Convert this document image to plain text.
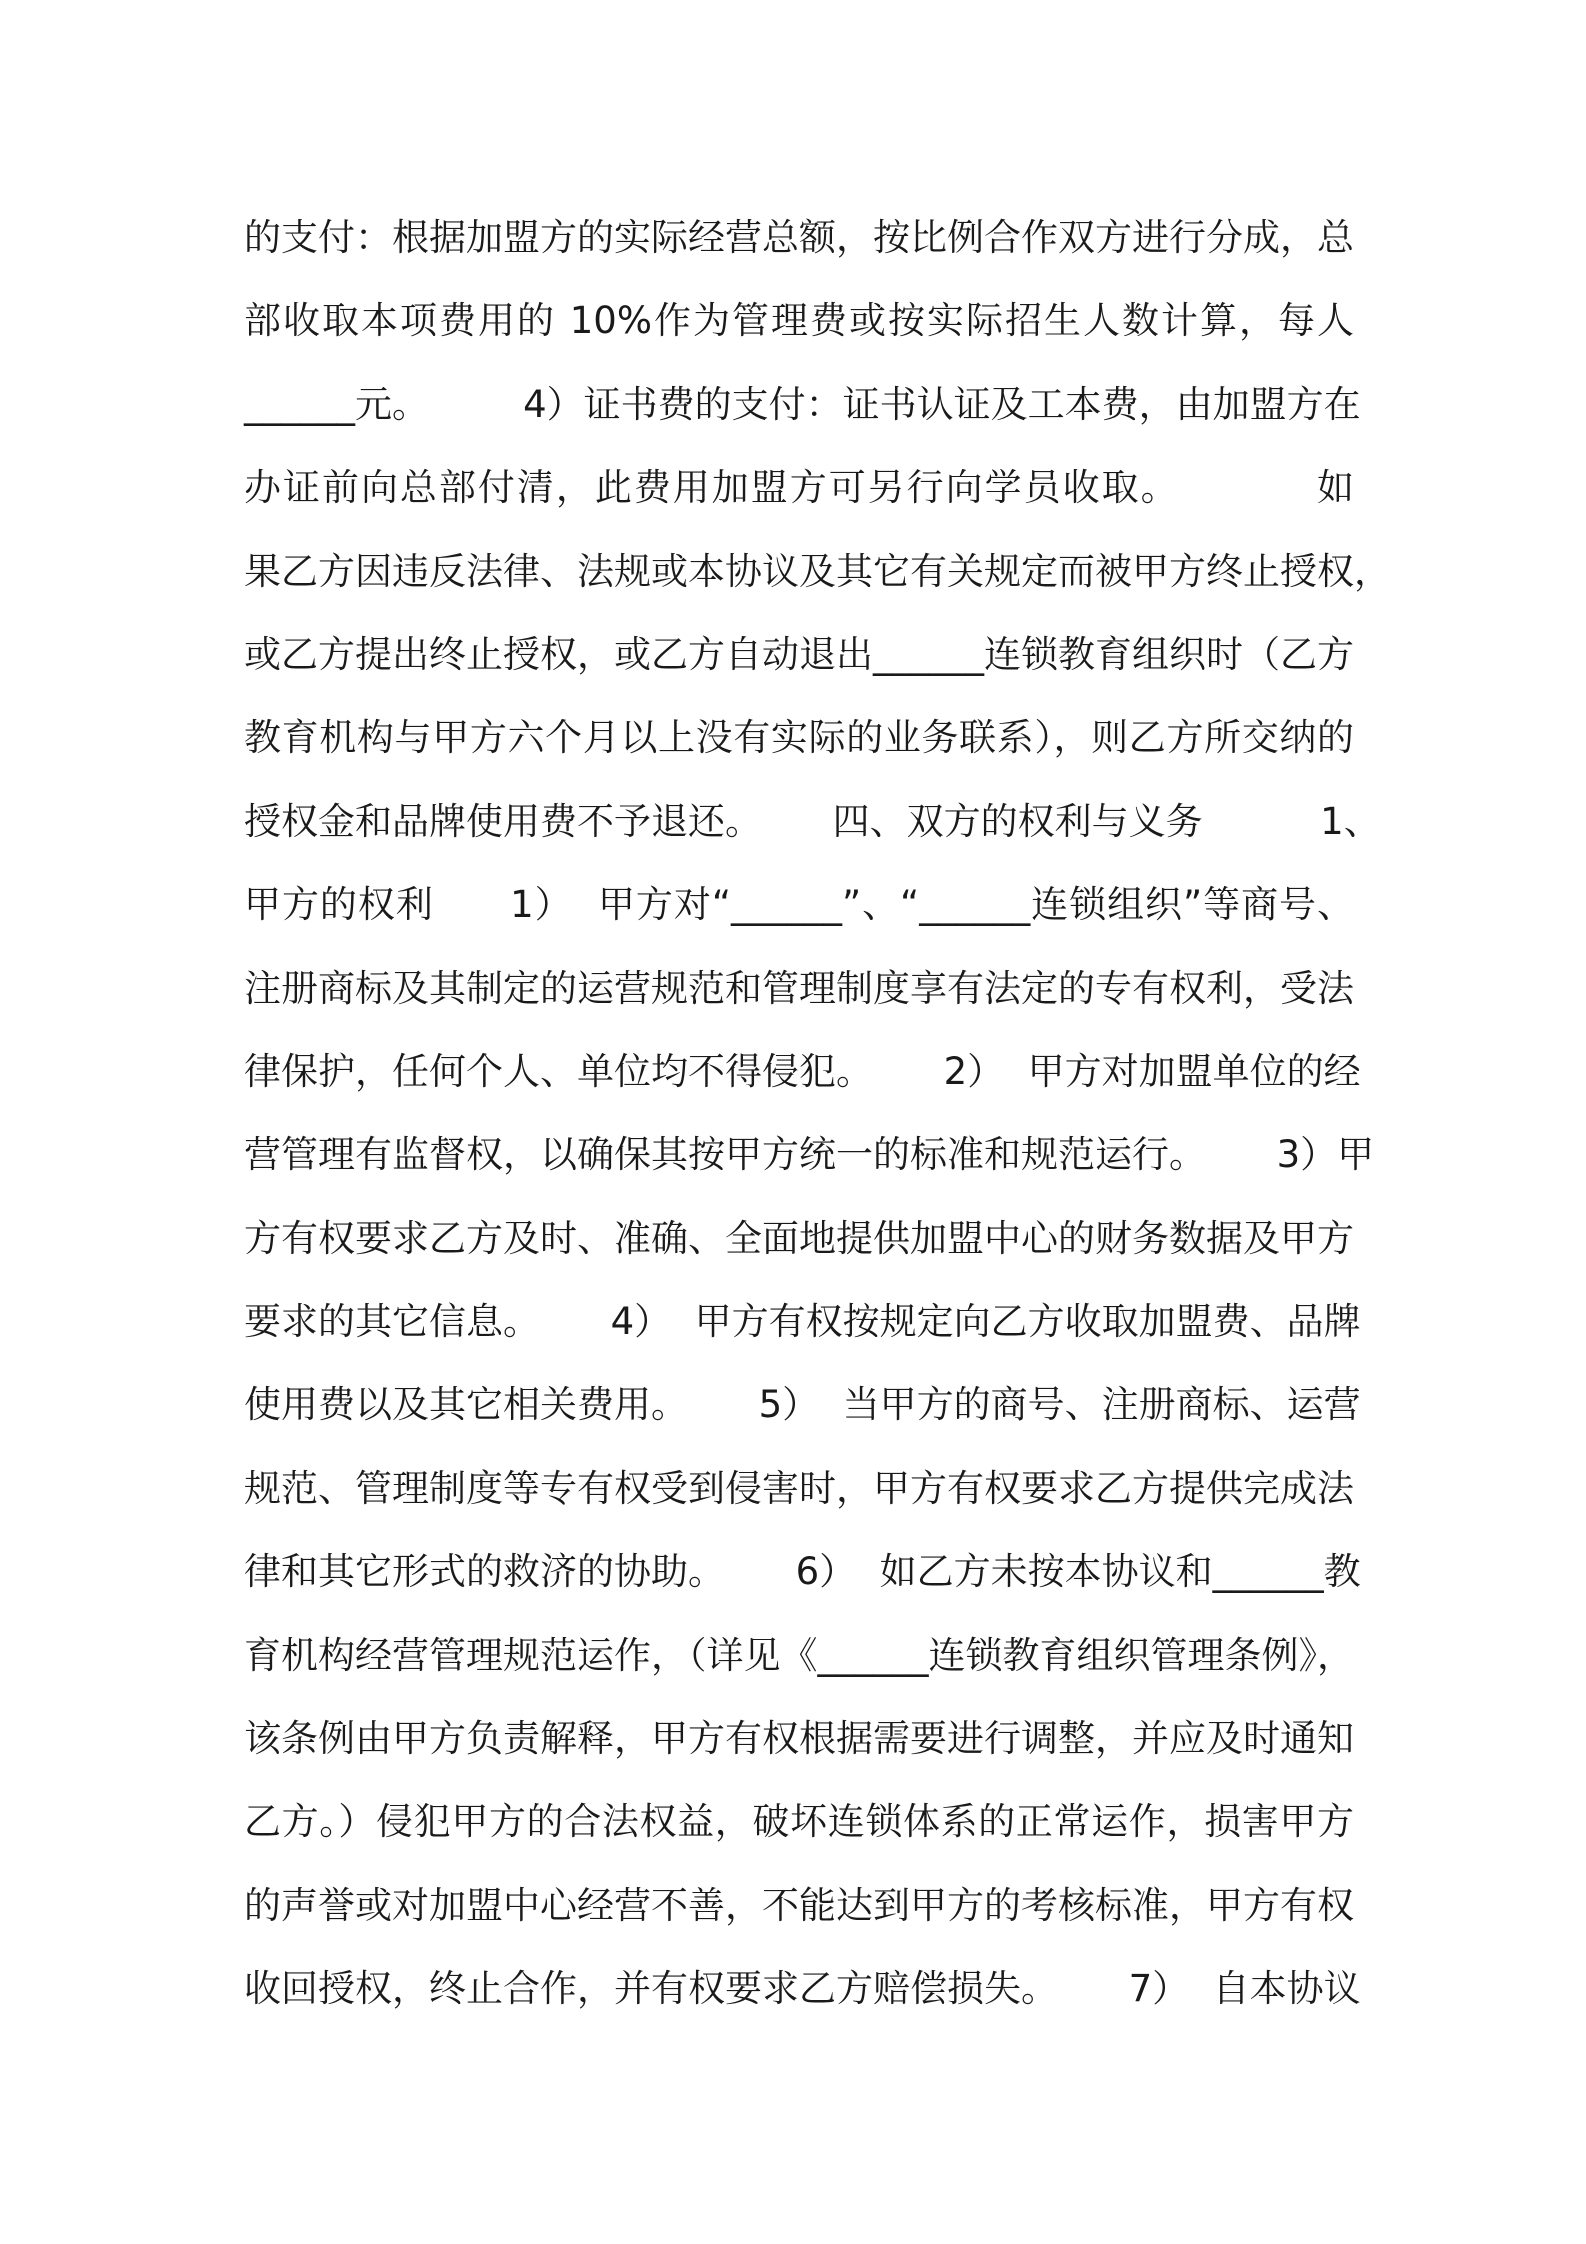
的支付：根据加盟方的实际经营总额，按比例合作双方进行分成，总
部收取本项费用的 10%作为管理费或按实际招生人数计算，每人
______元。        4）证书费的支付：证书认证及工本费，由加盟方在
办证前向总部付清，此费用加盟方可另行向学员收取。          如
果乙方因违反法律、法规或本协议及其它有关规定而被甲方终止授权，
或乙方提出终止授权，或乙方自动退出______连锁教育组织时（乙方
教育机构与甲方六个月以上没有实际的业务联系），则乙方所交纳的
授权金和品牌使用费不予退还。      四、双方的权利与义务          1、
甲方的权利      1）  甲方对“______”、“______连锁组织”等商号、
注册商标及其制定的运营规范和管理制度享有法定的专有权利，受法
律保护，任何个人、单位均不得侵犯。      2）  甲方对加盟单位的经
营管理有监督权，以确保其按甲方统一的标准和规范运行。      3）甲
方有权要求乙方及时、准确、全面地提供加盟中心的财务数据及甲方
要求的其它信息。      4）  甲方有权按规定向乙方收取加盟费、品牌
使用费以及其它相关费用。      5）  当甲方的商号、注册商标、运营
规范、管理制度等专有权受到侵害时，甲方有权要求乙方提供完成法
律和其它形式的救济的协助。      6）  如乙方未按本协议和______教
育机构经营管理规范运作，（详见《______连锁教育组织管理条例》，
该条例由甲方负责解释，甲方有权根据需要进行调整，并应及时通知
乙方。）侵犯甲方的合法权益，破坏连锁体系的正常运作，损害甲方
的声誉或对加盟中心经营不善，不能达到甲方的考核标准，甲方有权
收回授权，终止合作，并有权要求乙方赔偿损失。      7）  自本协议
